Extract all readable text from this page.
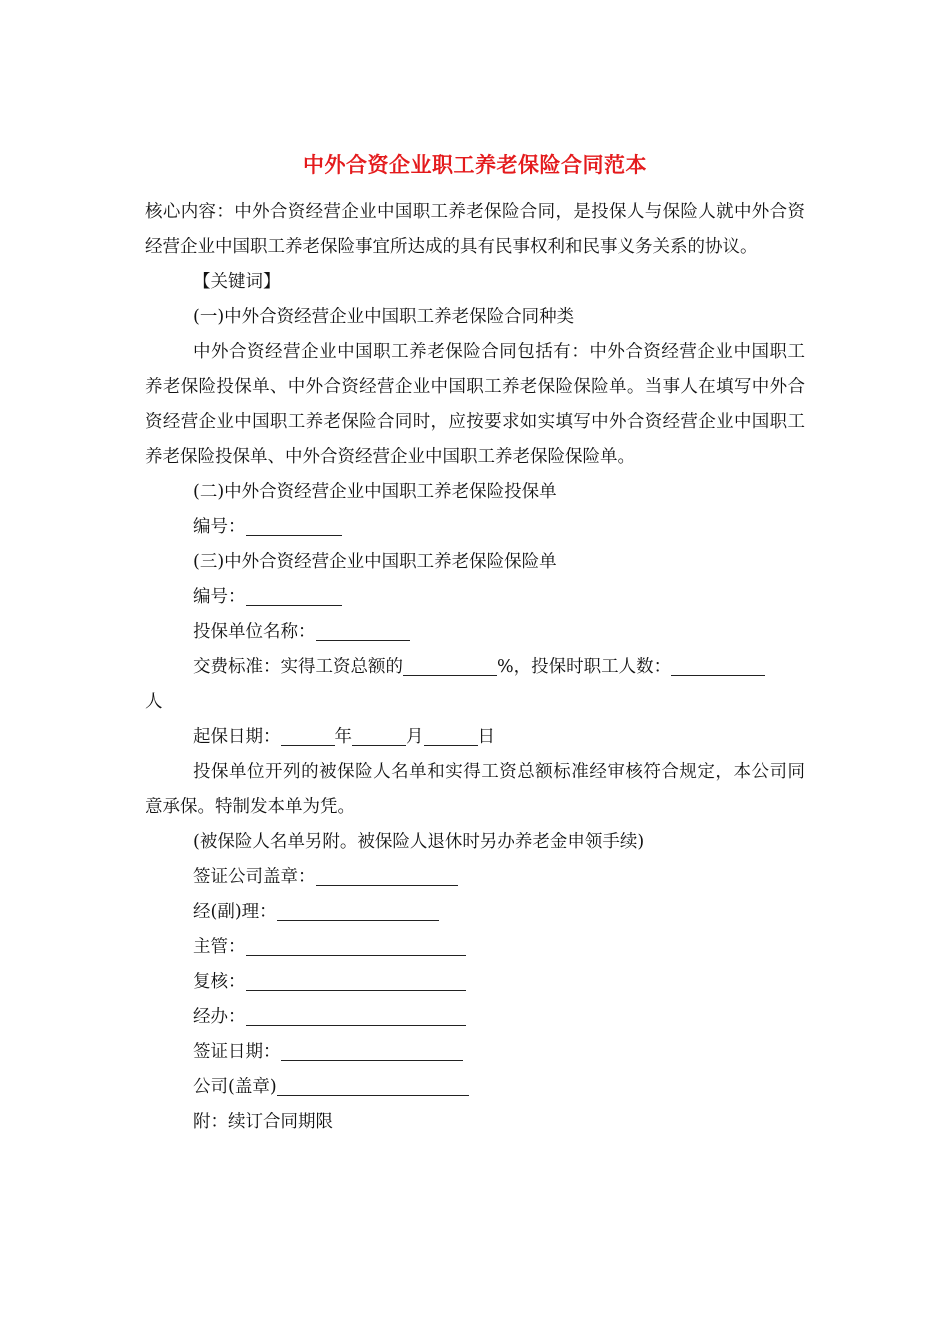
中外合资企业职工养老保险合同范本

核心内容：中外合资经营企业中国职工养老保险合同，是投保人与保险人就中外合资经营企业中国职工养老保险事宜所达成的具有民事权利和民事义务关系的协议。

【关键词】

(一)中外合资经营企业中国职工养老保险合同种类

中外合资经营企业中国职工养老保险合同包括有：中外合资经营企业中国职工养老保险投保单、中外合资经营企业中国职工养老保险保险单。当事人在填写中外合资经营企业中国职工养老保险合同时，应按要求如实填写中外合资经营企业中国职工养老保险投保单、中外合资经营企业中国职工养老保险保险单。

(二)中外合资经营企业中国职工养老保险投保单

编号：

(三)中外合资经营企业中国职工养老保险保险单

编号：

投保单位名称：

交费标准：实得工资总额的	%，投保时职工人数：

人

起保日期：	年	月	日

投保单位开列的被保险人名单和实得工资总额标准经审核符合规定，本公司同意承保。特制发本单为凭。

(被保险人名单另附。被保险人退休时另办养老金申领手续)

签证公司盖章：

经(副)理：

主管：

复核：

经办：

签证日期：

公司(盖章)

附：续订合同期限
